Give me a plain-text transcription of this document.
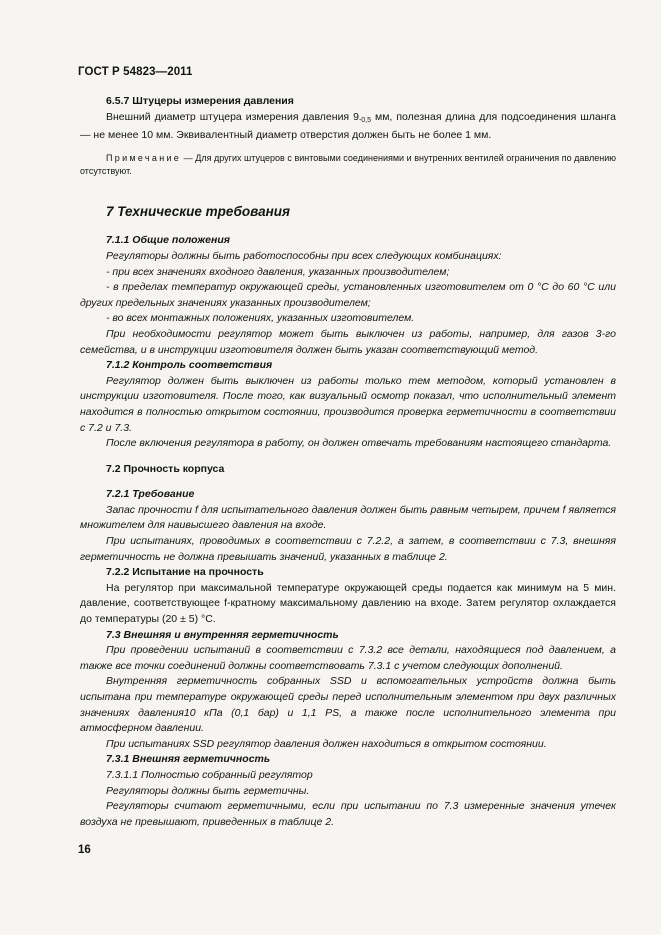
ГОСТ Р 54823—2011

6.5.7 Штуцеры измерения давления

Внешний диаметр штуцера измерения давления $9_{-0,5}$ мм, полезная длина для подсоединения шланга — не менее 10 мм. Эквивалентный диаметр отверстия должен быть не более 1 мм.

Примечание — Для других штуцеров с винтовыми соединениями и внутренних вентилей ограничения по давлению отсутствуют.

7 Технические требования

7.1.1 Общие положения

Регуляторы должны быть работоспособны при всех следующих комбинациях:

- при всех значениях входного давления, указанных производителем;

- в пределах температур окружающей среды, установленных изготовителем от 0 °С до 60 °С или других предельных значениях указанных производителем;

- во всех монтажных положениях, указанных изготовителем.

При необходимости регулятор может быть выключен из работы, например, для газов 3-го семейства, и в инструкции изготовителя должен быть указан соответствующий метод.

7.1.2 Контроль соответствия

Регулятор должен быть выключен из работы только тем методом, который установлен в инструкции изготовителя. После того, как визуальный осмотр показал, что исполнительный элемент находится в полностью открытом состоянии, производится проверка герметичности в соответствии с 7.2 и 7.3.

После включения регулятора в работу, он должен отвечать требованиям настоящего стандарта.

7.2 Прочность корпуса

7.2.1 Требование

Запас прочности f для испытательного давления должен быть равным четырем, причем f является множителем для наивысшего давления на входе.

При испытаниях, проводимых в соответствии с 7.2.2, а затем, в соответствии с 7.3, внешняя герметичность не должна превышать значений, указанных в таблице 2.

7.2.2 Испытание на прочность

На регулятор при максимальной температуре окружающей среды подается как минимум на 5 мин. давление, соответствующее f-кратному максимальному давлению на входе. Затем регулятор охлаждается до температуры (20 ± 5) °С.

7.3 Внешняя и внутренняя герметичность

При проведении испытаний в соответствии с 7.3.2 все детали, находящиеся под давлением, а также все точки соединений должны соответствовать 7.3.1 с учетом следующих дополнений.

Внутренняя герметичность собранных SSD и вспомогательных устройств должна быть испытана при температуре окружающей среды перед исполнительным элементом при двух различных значениях давления10 кПа (0,1 бар) и 1,1 PS, а также после исполнительного элемента при атмосферном давлении.

При испытаниях SSD регулятор давления должен находиться в открытом состоянии.

7.3.1 Внешняя герметичность

7.3.1.1 Полностью собранный регулятор

Регуляторы должны быть герметичны.

Регуляторы считают герметичными, если при испытании по 7.3 измеренные значения утечек воздуха не превышают, приведенных в таблице 2.

16
